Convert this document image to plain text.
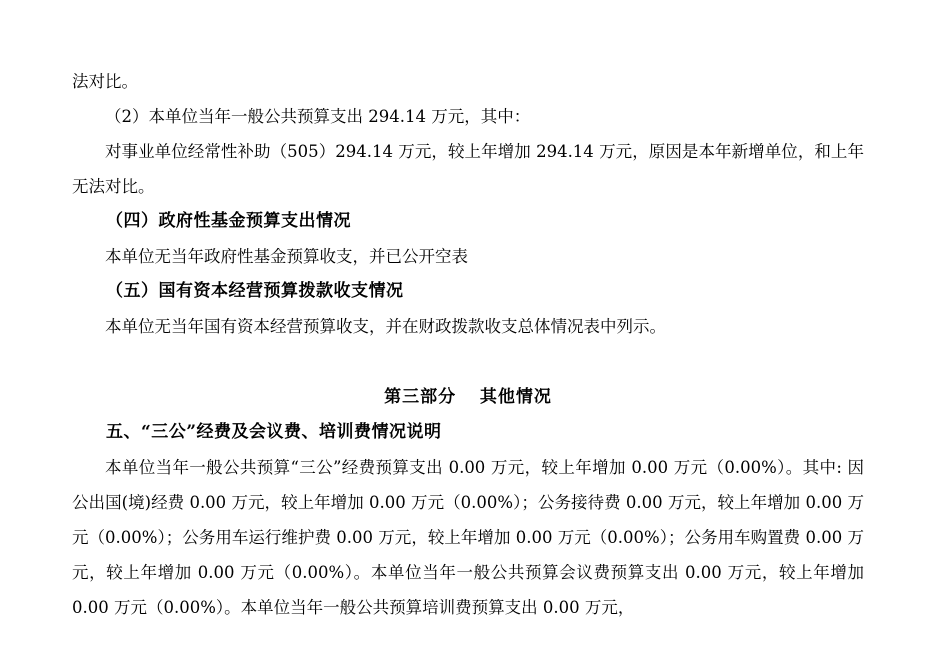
法对比。

（2）本单位当年一般公共预算支出 294.14 万元，其中：

对事业单位经常性补助（505）294.14 万元，较上年增加 294.14 万元，原因是本年新增单位，和上年无法对比。

（四）政府性基金预算支出情况

本单位无当年政府性基金预算收支，并已公开空表

（五）国有资本经营预算拨款收支情况

本单位无当年国有资本经营预算收支，并在财政拨款收支总体情况表中列示。

第三部分 其他情况

五、“三公”经费及会议费、培训费情况说明

本单位当年一般公共预算“三公”经费预算支出 0.00 万元，较上年增加 0.00 万元（0.00%）。其中: 因公出国(境)经费 0.00 万元，较上年增加 0.00 万元（0.00%）；公务接待费 0.00 万元，较上年增加 0.00 万元（0.00%）；公务用车运行维护费 0.00 万元，较上年增加 0.00 万元（0.00%）；公务用车购置费 0.00 万元，较上年增加 0.00 万元（0.00%）。本单位当年一般公共预算会议费预算支出 0.00 万元，较上年增加 0.00 万元（0.00%）。本单位当年一般公共预算培训费预算支出 0.00 万元，
